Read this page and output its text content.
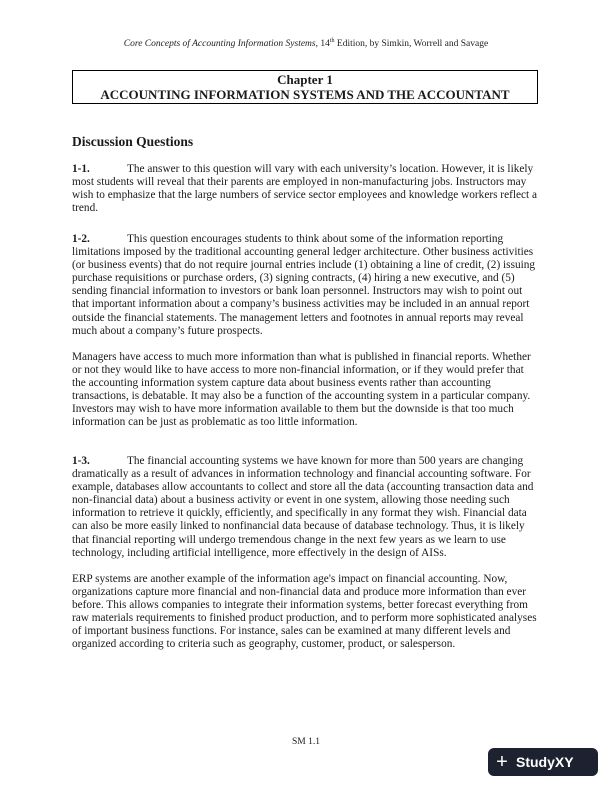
Core Concepts of Accounting Information Systems, 14th Edition, by Simkin, Worrell and Savage
Chapter 1
ACCOUNTING INFORMATION SYSTEMS AND THE ACCOUNTANT
Discussion Questions

1-1.	The answer to this question will vary with each university’s location. However, it is likely most students will reveal that their parents are employed in non-manufacturing jobs. Instructors may wish to emphasize that the large numbers of service sector employees and knowledge workers reflect a trend.

1-2.	This question encourages students to think about some of the information reporting limitations imposed by the traditional accounting general ledger architecture. Other business activities (or business events) that do not require journal entries include (1) obtaining a line of credit, (2) issuing purchase requisitions or purchase orders, (3) signing contracts, (4) hiring a new executive, and (5) sending financial information to investors or bank loan personnel. Instructors may wish to point out that important information about a company’s business activities may be included in an annual report outside the financial statements. The management letters and footnotes in annual reports may reveal much about a company’s future prospects.

Managers have access to much more information than what is published in financial reports. Whether or not they would like to have access to more non-financial information, or if they would prefer that the accounting information system capture data about business events rather than accounting transactions, is debatable. It may also be a function of the accounting system in a particular company. Investors may wish to have more information available to them but the downside is that too much information can be just as problematic as too little information.

1-3.	The financial accounting systems we have known for more than 500 years are changing dramatically as a result of advances in information technology and financial accounting software. For example, databases allow accountants to collect and store all the data (accounting transaction data and non-financial data) about a business activity or event in one system, allowing those needing such information to retrieve it quickly, efficiently, and specifically in any format they wish. Financial data can also be more easily linked to nonfinancial data because of database technology. Thus, it is likely that financial reporting will undergo tremendous change in the next few years as we learn to use technology, including artificial intelligence, more effectively in the design of AISs.

ERP systems are another example of the information age's impact on financial accounting. Now, organizations capture more financial and non-financial data and produce more information than ever before. This allows companies to integrate their information systems, better forecast everything from raw materials requirements to finished product production, and to perform more sophisticated analyses of important business functions. For instance, sales can be examined at many different levels and organized according to criteria such as geography, customer, product, or salesperson.

SM 1.1
+ StudyXY
